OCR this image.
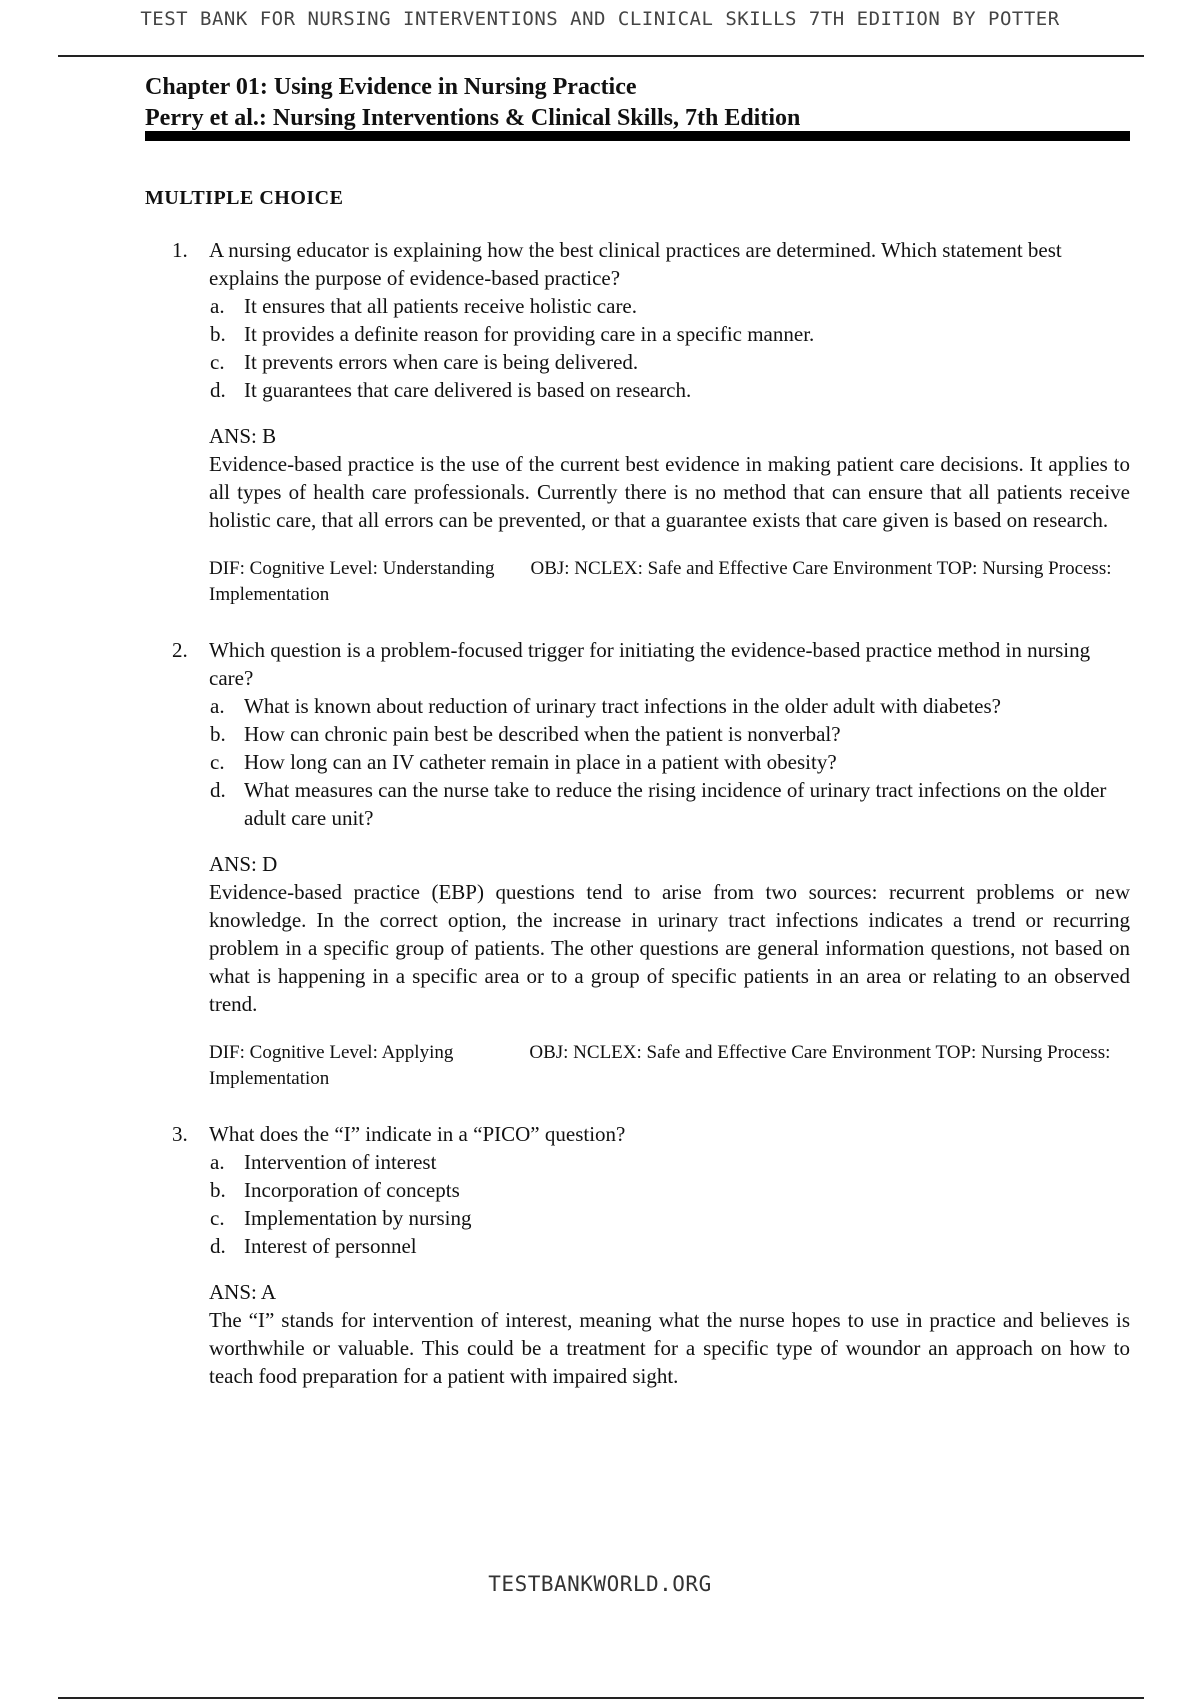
TEST BANK FOR NURSING INTERVENTIONS AND CLINICAL SKILLS 7TH EDITION BY POTTER
Chapter 01: Using Evidence in Nursing Practice
Perry et al.: Nursing Interventions & Clinical Skills, 7th Edition
MULTIPLE CHOICE
1. A nursing educator is explaining how the best clinical practices are determined. Which statement best explains the purpose of evidence-based practice?
a. It ensures that all patients receive holistic care.
b. It provides a definite reason for providing care in a specific manner.
c. It prevents errors when care is being delivered.
d. It guarantees that care delivered is based on research.
ANS: B
Evidence-based practice is the use of the current best evidence in making patient care decisions. It applies to all types of health care professionals. Currently there is no method that can ensure that all patients receive holistic care, that all errors can be prevented, or that a guarantee exists that care given is based on research.
DIF: Cognitive Level: Understanding OBJ: NCLEX: Safe and Effective Care Environment TOP: Nursing Process: Implementation
2. Which question is a problem-focused trigger for initiating the evidence-based practice method in nursing care?
a. What is known about reduction of urinary tract infections in the older adult with diabetes?
b. How can chronic pain best be described when the patient is nonverbal?
c. How long can an IV catheter remain in place in a patient with obesity?
d. What measures can the nurse take to reduce the rising incidence of urinary tract infections on the older adult care unit?
ANS: D
Evidence-based practice (EBP) questions tend to arise from two sources: recurrent problems or new knowledge. In the correct option, the increase in urinary tract infections indicates a trend or recurring problem in a specific group of patients. The other questions are general information questions, not based on what is happening in a specific area or to a group of specific patients in an area or relating to an observed trend.
DIF: Cognitive Level: Applying	OBJ: NCLEX: Safe and Effective Care Environment TOP: Nursing Process: Implementation
3. What does the “I” indicate in a “PICO” question?
a. Intervention of interest
b. Incorporation of concepts
c. Implementation by nursing
d. Interest of personnel
ANS: A
The “I” stands for intervention of interest, meaning what the nurse hopes to use in practice and believes is worthwhile or valuable. This could be a treatment for a specific type of woundor an approach on how to teach food preparation for a patient with impaired sight.
TESTBANKWORLD.ORG
